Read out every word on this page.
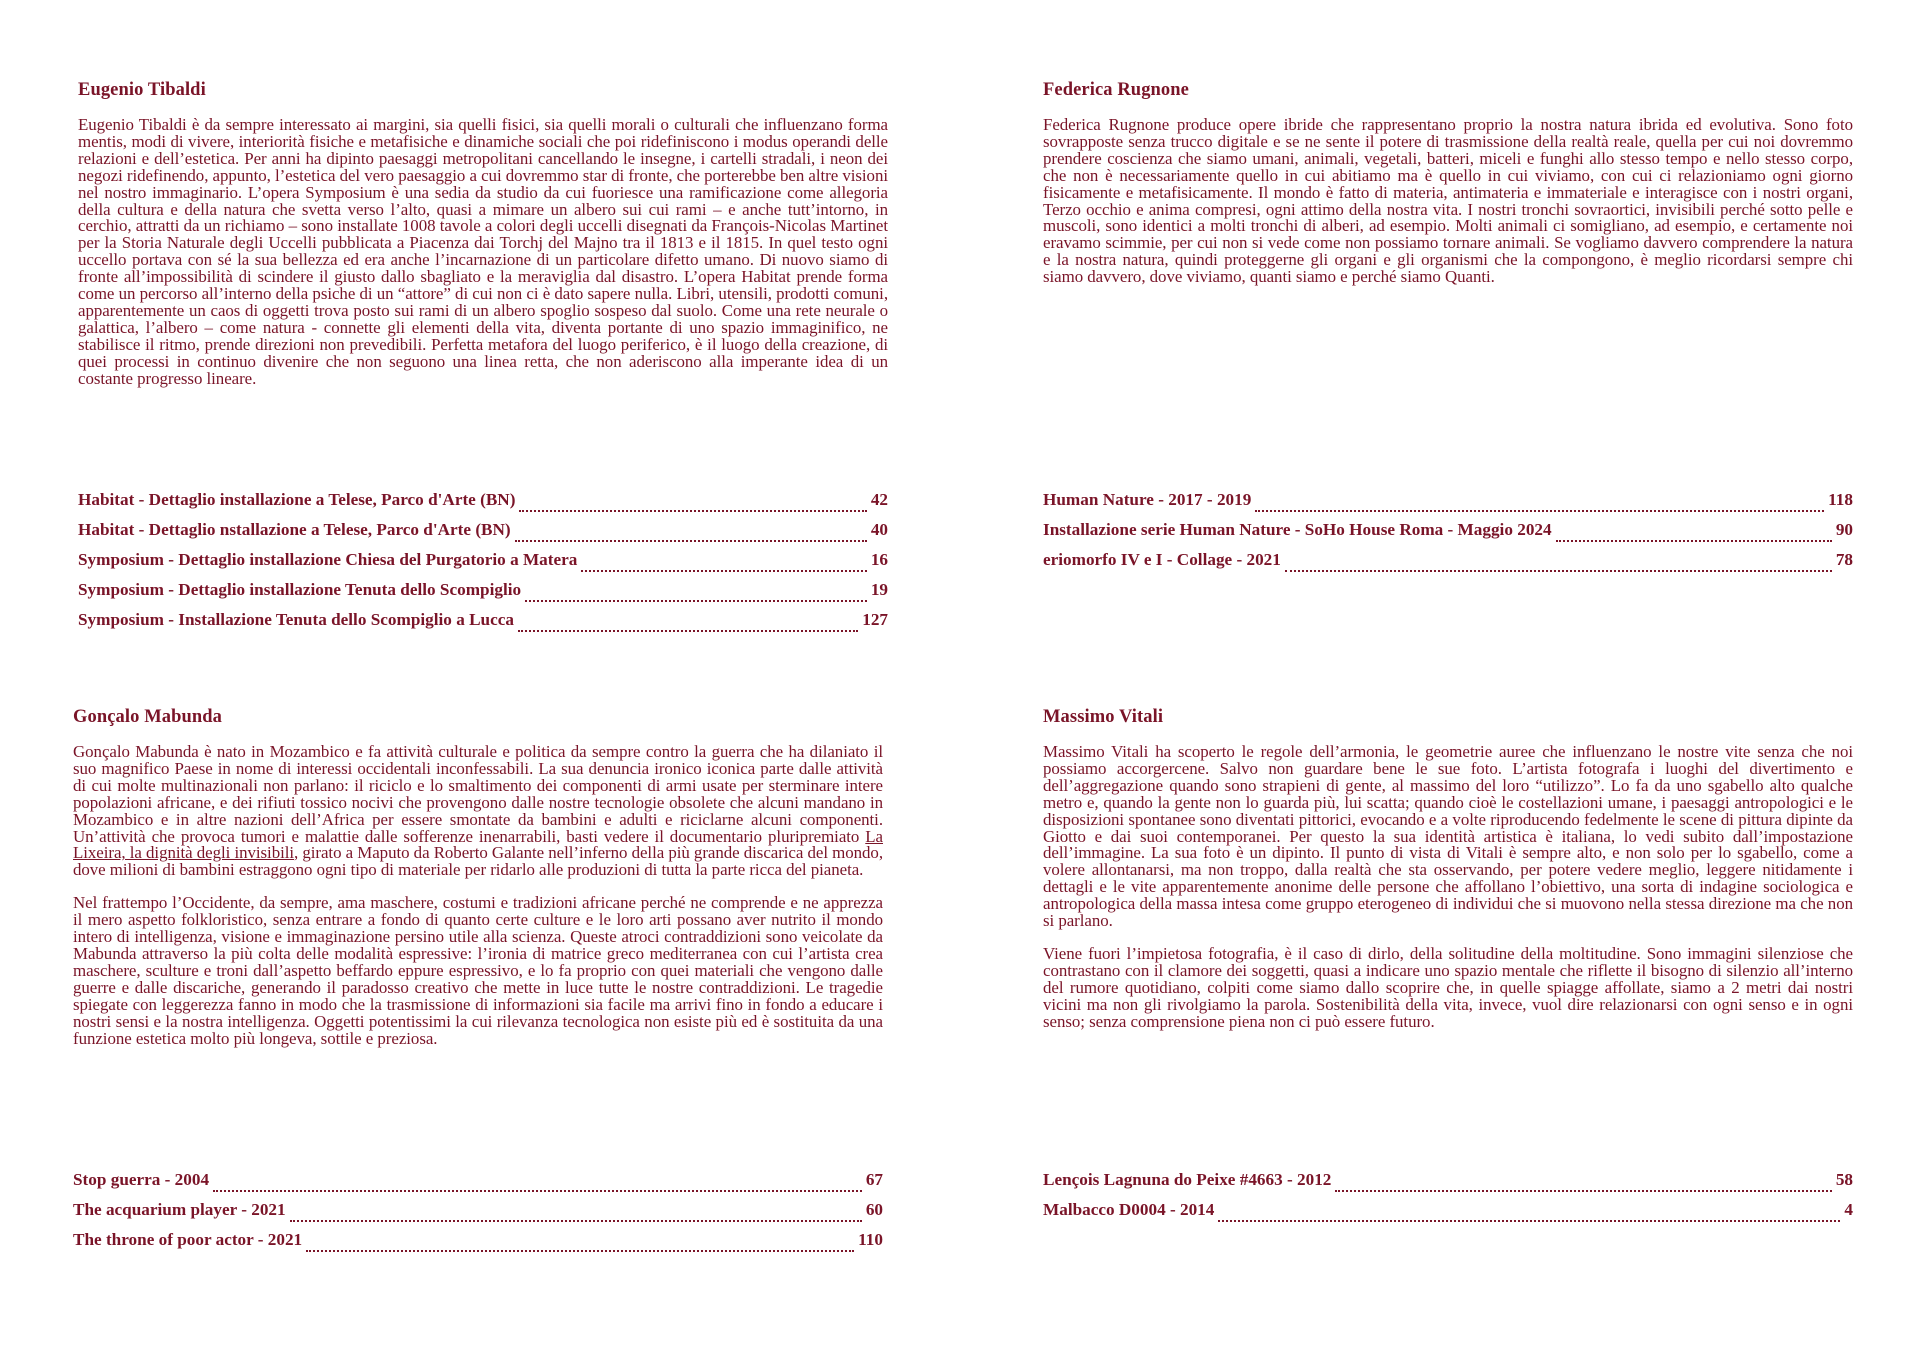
Eugenio Tibaldi

Eugenio Tibaldi è da sempre interessato ai margini, sia quelli fisici, sia quelli morali o culturali che influenzano forma mentis, modi di vivere, interiorità fisiche e metafisiche e dinamiche sociali che poi ridefiniscono i modus operandi delle relazioni e dell’estetica. Per anni ha dipinto paesaggi metropolitani cancellando le insegne, i cartelli stradali, i neon dei negozi ridefinendo, appunto, l’estetica del vero paesaggio a cui dovremmo star di fronte, che porterebbe ben altre visioni nel nostro immaginario. L’opera Symposium è una sedia da studio da cui fuoriesce una ramificazione come allegoria della cultura e della natura che svetta verso l’alto, quasi a mimare un albero sui cui rami – e anche tutt’intorno, in cerchio, attratti da un richiamo – sono installate 1008 tavole a colori degli uccelli disegnati da François-Nicolas Martinet per la Storia Naturale degli Uccelli pubblicata a Piacenza dai Torchj del Majno tra il 1813 e il 1815. In quel testo ogni uccello portava con sé la sua bellezza ed era anche l’incarnazione di un particolare difetto umano. Di nuovo siamo di fronte all’impossibilità di scindere il giusto dallo sbagliato e la meraviglia dal disastro. L’opera Habitat prende forma come un percorso all’interno della psiche di un “attore” di cui non ci è dato sapere nulla. Libri, utensili, prodotti comuni, apparentemente un caos di oggetti trova posto sui rami di un albero spoglio sospeso dal suolo. Come una rete neurale o galattica, l’albero – come natura - connette gli elementi della vita, diventa portante di uno spazio immaginifico, ne stabilisce il ritmo, prende direzioni non prevedibili. Perfetta metafora del luogo periferico, è il luogo della creazione, di quei processi in continuo divenire che non seguono una linea retta, che non aderiscono alla imperante idea di un costante progresso lineare.

Habitat - Dettaglio installazione a Telese, Parco d'Arte (BN)	42
Habitat - Dettaglio nstallazione a Telese, Parco d'Arte (BN)	40
Symposium - Dettaglio installazione Chiesa del Purgatorio a Matera	16
Symposium - Dettaglio installazione Tenuta dello Scompiglio	19
Symposium - Installazione Tenuta dello Scompiglio a Lucca	127
Federica Rugnone

Federica Rugnone produce opere ibride che rappresentano proprio la nostra natura ibrida ed evolutiva. Sono foto sovrapposte senza trucco digitale e se ne sente il potere di trasmissione della realtà reale, quella per cui noi dovremmo prendere coscienza che siamo umani, animali, vegetali, batteri, miceli e funghi allo stesso tempo e nello stesso corpo, che non è necessariamente quello in cui abitiamo ma è quello in cui viviamo, con cui ci relazioniamo ogni giorno fisicamente e metafisicamente. Il mondo è fatto di materia, antimateria e immateriale e interagisce con i nostri organi, Terzo occhio e anima compresi, ogni attimo della nostra vita. I nostri tronchi sovraortici, invisibili perché sotto pelle e muscoli, sono identici a molti tronchi di alberi, ad esempio. Molti animali ci somigliano, ad esempio, e certamente noi eravamo scimmie, per cui non si vede come non possiamo tornare animali. Se vogliamo davvero comprendere la natura e la nostra natura, quindi proteggerne gli organi e gli organismi che la compongono, è meglio ricordarsi sempre chi siamo davvero, dove viviamo, quanti siamo e perché siamo Quanti.

Human Nature - 2017 - 2019	118
Installazione serie Human Nature - SoHo House Roma - Maggio 2024	90
eriomorfo IV e I - Collage - 2021	78
Gonçalo Mabunda

Gonçalo Mabunda è nato in Mozambico e fa attività culturale e politica da sempre contro la guerra che ha dilaniato il suo magnifico Paese in nome di interessi occidentali inconfessabili. La sua denuncia ironico iconica parte dalle attività di cui molte multinazionali non parlano: il riciclo e lo smaltimento dei componenti di armi usate per sterminare intere popolazioni africane, e dei rifiuti tossico nocivi che provengono dalle nostre tecnologie obsolete che alcuni mandano in Mozambico e in altre nazioni dell’Africa per essere smontate da bambini e adulti e riciclarne alcuni componenti. Un’attività che provoca tumori e malattie dalle sofferenze inenarrabili, basti vedere il documentario pluripremiato La Lixeira, la dignità degli invisibili, girato a Maputo da Roberto Galante nell’inferno della più grande discarica del mondo, dove milioni di bambini estraggono ogni tipo di materiale per ridarlo alle produzioni di tutta la parte ricca del pianeta.

Nel frattempo l’Occidente, da sempre, ama maschere, costumi e tradizioni africane perché ne comprende e ne apprezza il mero aspetto folkloristico, senza entrare a fondo di quanto certe culture e le loro arti possano aver nutrito il mondo intero di intelligenza, visione e immaginazione persino utile alla scienza. Queste atroci contraddizioni sono veicolate da Mabunda attraverso la più colta delle modalità espressive: l’ironia di matrice greco mediterranea con cui l’artista crea maschere, sculture e troni dall’aspetto beffardo eppure espressivo, e lo fa proprio con quei materiali che vengono dalle guerre e dalle discariche, generando il paradosso creativo che mette in luce tutte le nostre contraddizioni. Le tragedie spiegate con leggerezza fanno in modo che la trasmissione di informazioni sia facile ma arrivi fino in fondo a educare i nostri sensi e la nostra intelligenza. Oggetti potentissimi la cui rilevanza tecnologica non esiste più ed è sostituita da una funzione estetica molto più longeva, sottile e preziosa.

Stop guerra - 2004	67
The acquarium player - 2021	60
The throne of poor actor - 2021	110
Massimo Vitali

Massimo Vitali ha scoperto le regole dell’armonia, le geometrie auree che influenzano le nostre vite senza che noi possiamo accorgercene. Salvo non guardare bene le sue foto. L’artista fotografa i luoghi del divertimento e dell’aggregazione quando sono strapieni di gente, al massimo del loro “utilizzo”. Lo fa da uno sgabello alto qualche metro e, quando la gente non lo guarda più, lui scatta; quando cioè le costellazioni umane, i paesaggi antropologici e le disposizioni spontanee sono diventati pittorici, evocando e a volte riproducendo fedelmente le scene di pittura dipinte da Giotto e dai suoi contemporanei. Per questo la sua identità artistica è italiana, lo vedi subito dall’impostazione dell’immagine. La sua foto è un dipinto. Il punto di vista di Vitali è sempre alto, e non solo per lo sgabello, come a volere allontanarsi, ma non troppo, dalla realtà che sta osservando, per potere vedere meglio, leggere nitidamente i dettagli e le vite apparentemente anonime delle persone che affollano l’obiettivo, una sorta di indagine sociologica e antropologica della massa intesa come gruppo eterogeneo di individui che si muovono nella stessa direzione ma che non si parlano.

Viene fuori l’impietosa fotografia, è il caso di dirlo, della solitudine della moltitudine. Sono immagini silenziose che contrastano con il clamore dei soggetti, quasi a indicare uno spazio mentale che riflette il bisogno di silenzio all’interno del rumore quotidiano, colpiti come siamo dallo scoprire che, in quelle spiagge affollate, siamo a 2 metri dai nostri vicini ma non gli rivolgiamo la parola. Sostenibilità della vita, invece, vuol dire relazionarsi con ogni senso e in ogni senso; senza comprensione piena non ci può essere futuro.

Lençois Lagnuna do Peixe #4663 - 2012	58
Malbacco D0004 - 2014	4
